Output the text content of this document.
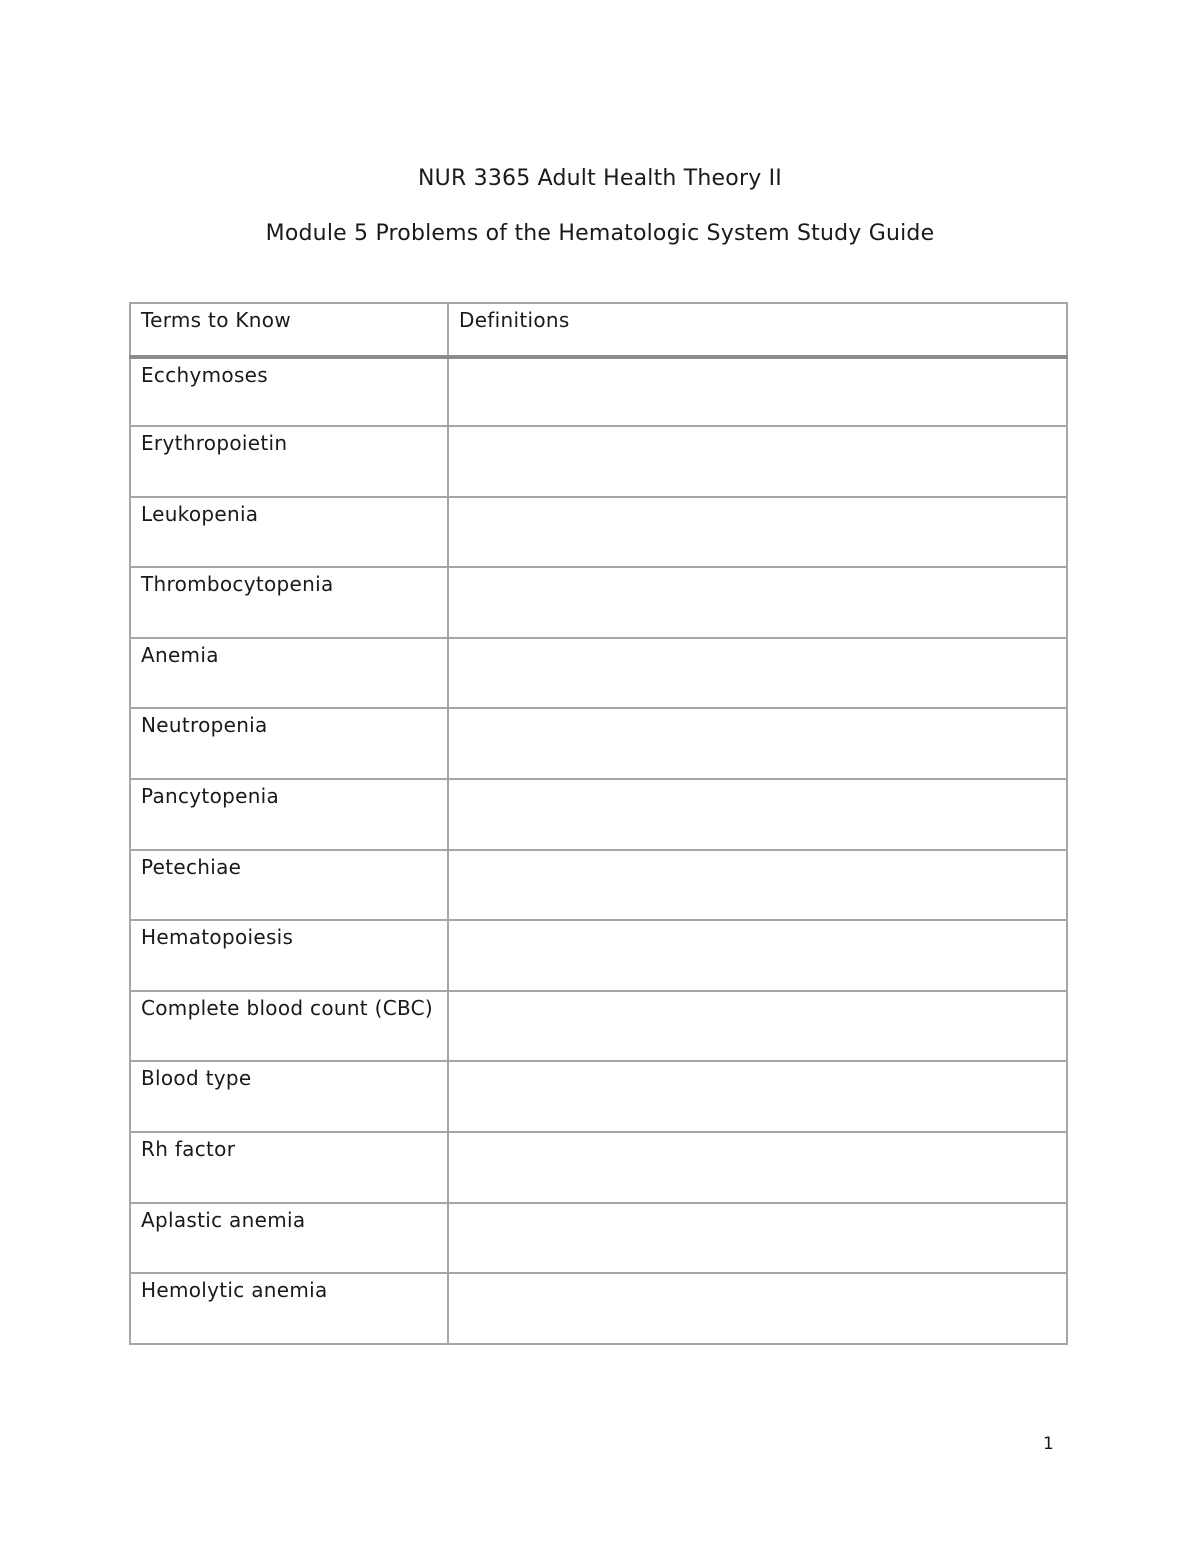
NUR 3365 Adult Health Theory II
Module 5 Problems of the Hematologic System Study Guide
Terms to Know	Definitions
Ecchymoses	
Erythropoietin	
Leukopenia	
Thrombocytopenia	
Anemia	
Neutropenia	
Pancytopenia	
Petechiae	
Hematopoiesis	
Complete blood count (CBC)	
Blood type	
Rh factor	
Aplastic anemia	
Hemolytic anemia	
1
